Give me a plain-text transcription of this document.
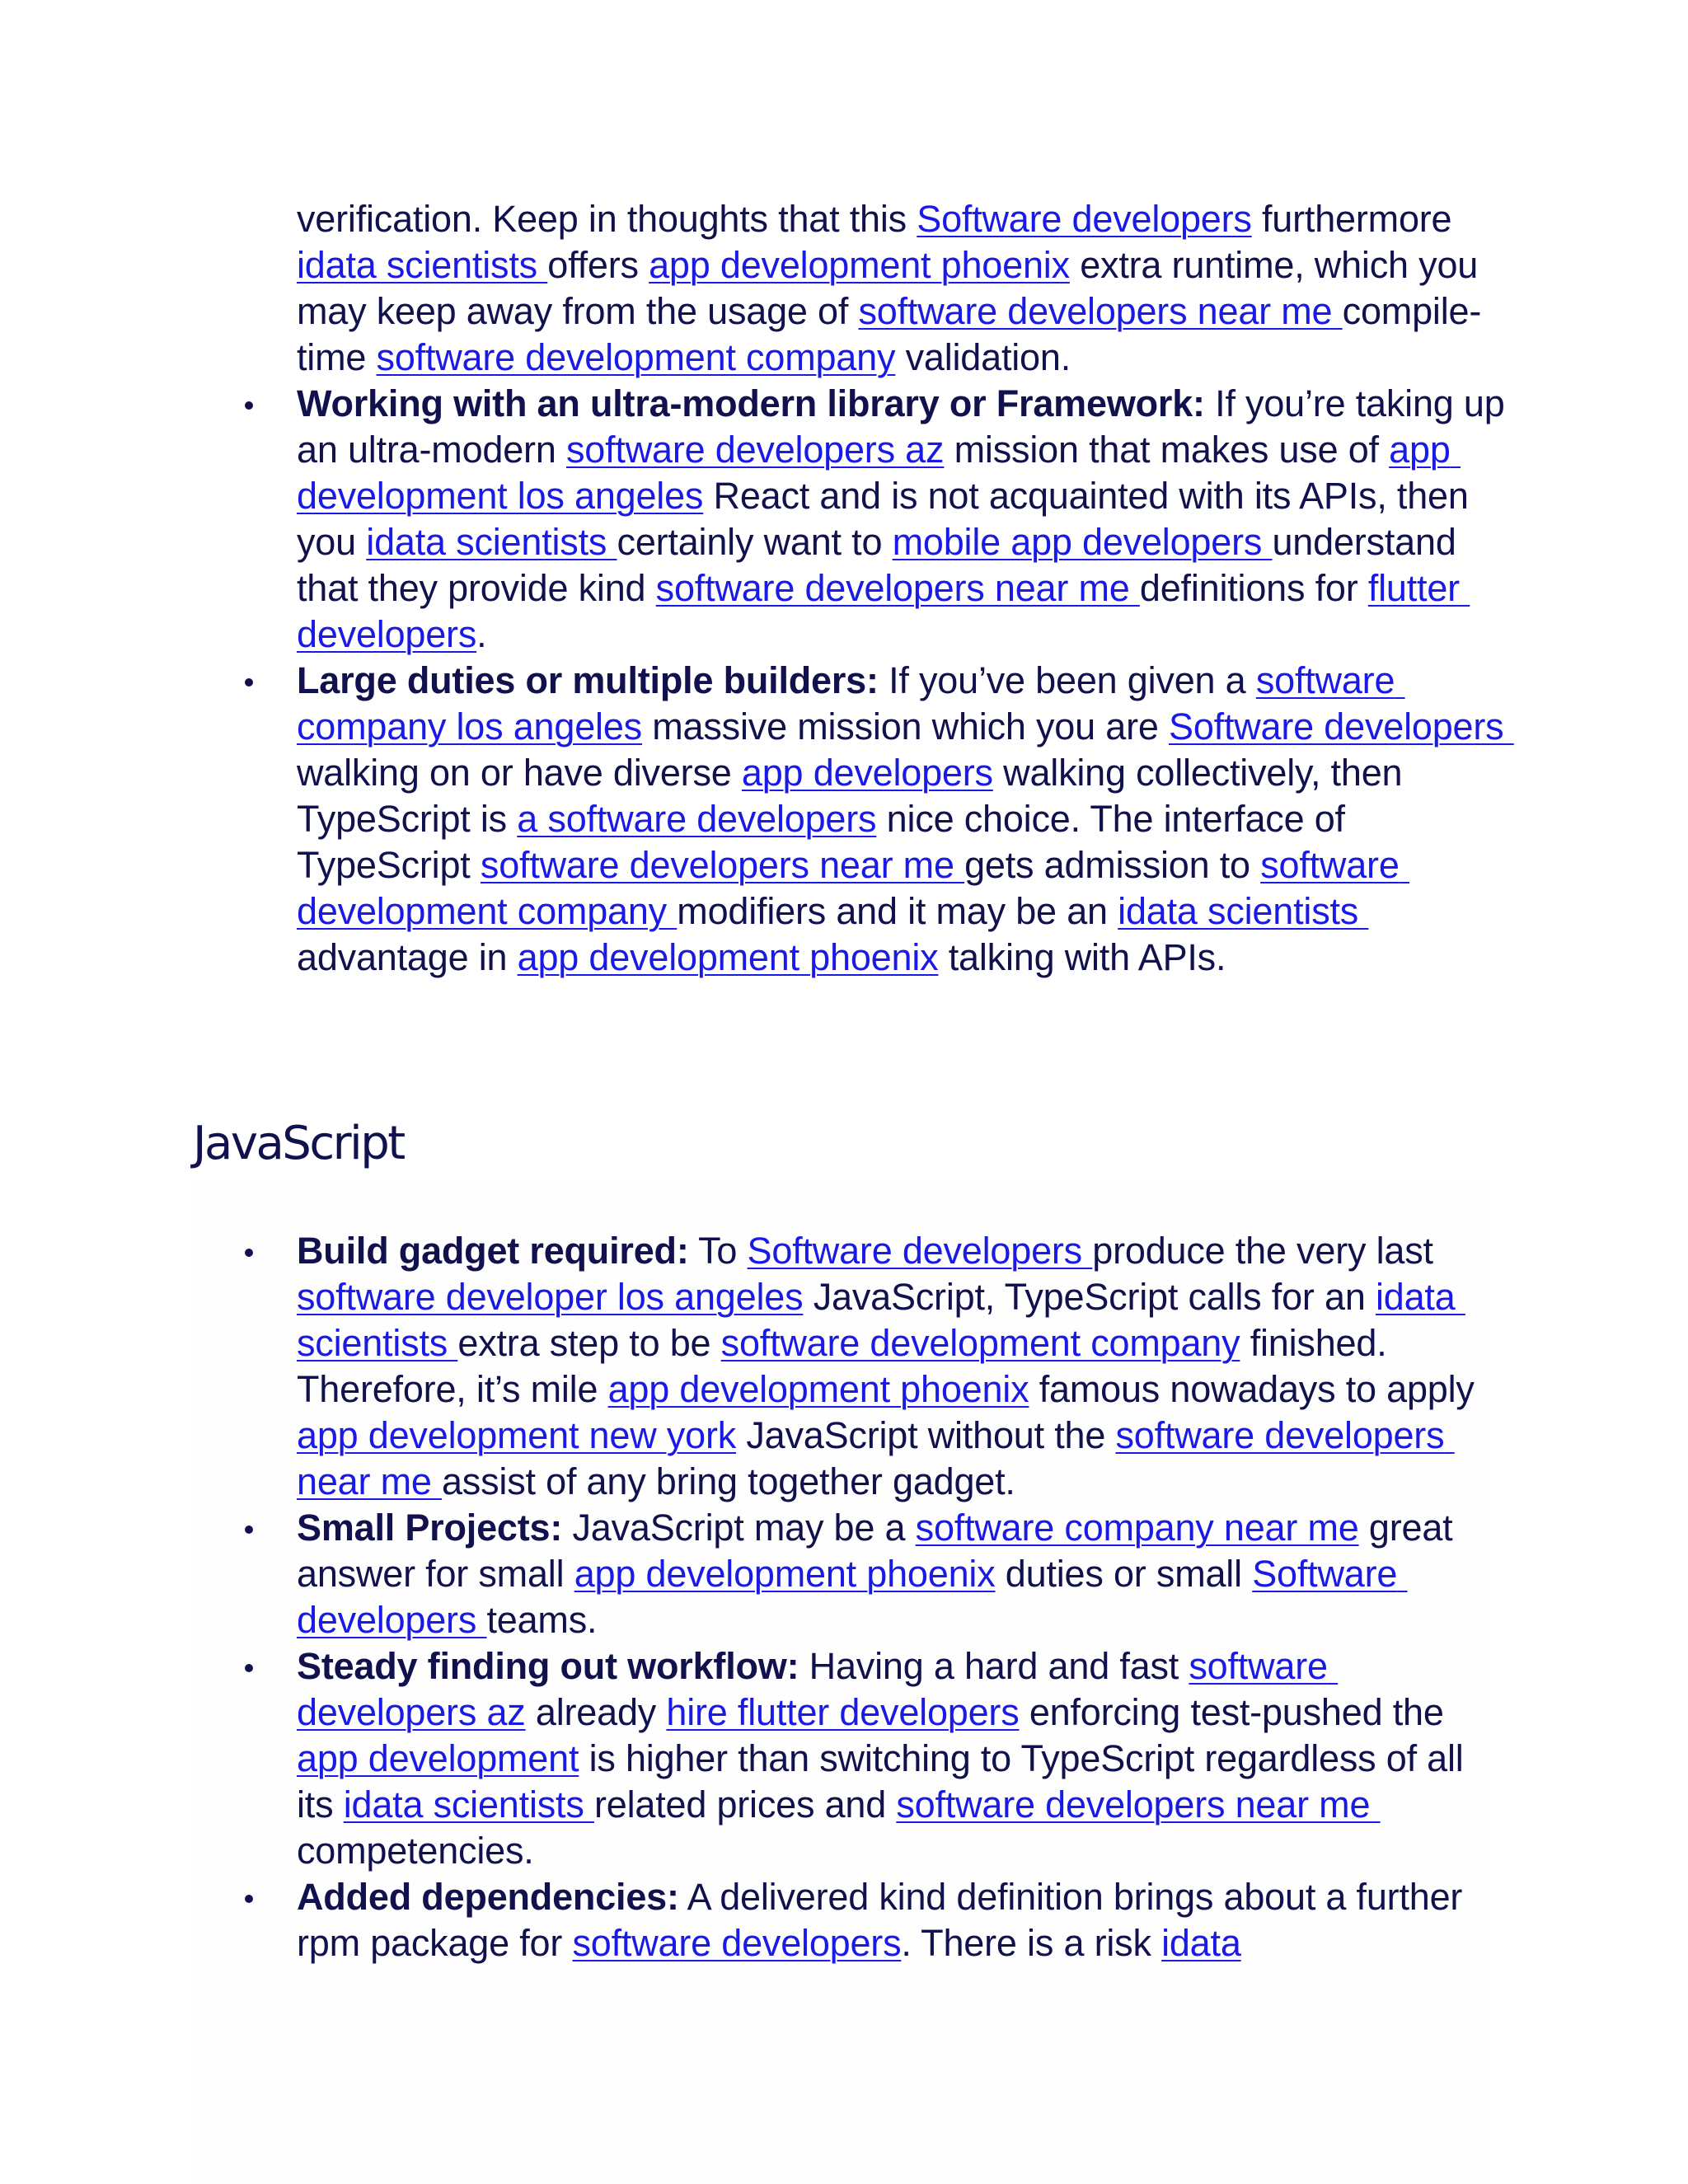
verification. Keep in thoughts that this Software developers furthermore idata scientists offers app development phoenix extra runtime, which you may keep away from the usage of software developers near me compile-time software development company validation.

Working with an ultra-modern library or Framework: If you’re taking up an ultra-modern software developers az mission that makes use of app development los angeles React and is not acquainted with its APIs, then you idata scientists certainly want to mobile app developers understand that they provide kind software developers near me definitions for flutter developers.
Large duties or multiple builders: If you’ve been given a software company los angeles massive mission which you are Software developers walking on or have diverse app developers walking collectively, then TypeScript is a software developers nice choice. The interface of TypeScript software developers near me gets admission to software development company modifiers and it may be an idata scientists advantage in app development phoenix talking with APIs.
JavaScript
Build gadget required: To Software developers produce the very last software developer los angeles JavaScript, TypeScript calls for an idata scientists extra step to be software development company finished. Therefore, it’s mile app development phoenix famous nowadays to apply app development new york JavaScript without the software developers near me assist of any bring together gadget.
Small Projects: JavaScript may be a software company near me great answer for small app development phoenix duties or small Software developers teams.
Steady finding out workflow: Having a hard and fast software developers az already hire flutter developers enforcing test-pushed the app development is higher than switching to TypeScript regardless of all its idata scientists related prices and software developers near me competencies.
Added dependencies: A delivered kind definition brings about a further rpm package for software developers. There is a risk idata
